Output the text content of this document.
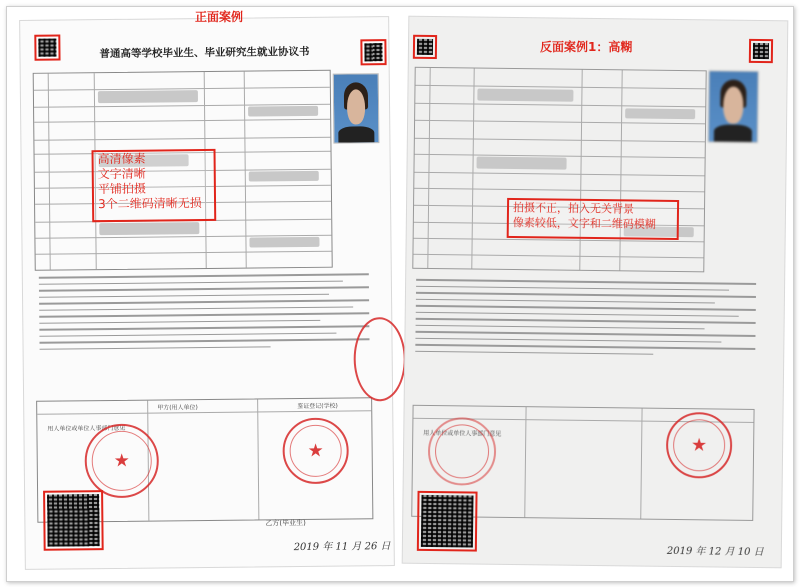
普通高等学校毕业生、毕业研究生就业协议书
高清像素
文字清晰
平铺拍摄
3个二维码清晰无损
甲方(用人单位)	鉴证登记(学校)
用人单位或单位人事部门意见
★	★
乙方(毕业生)
2019 年 11 月 26 日
正面案例
拍摄不正，拍入无关背景
像素较低，文字和二维码模糊
用人单位或单位人事部门意见
★
2019 年 12 月 10 日
反面案例1：高糊
